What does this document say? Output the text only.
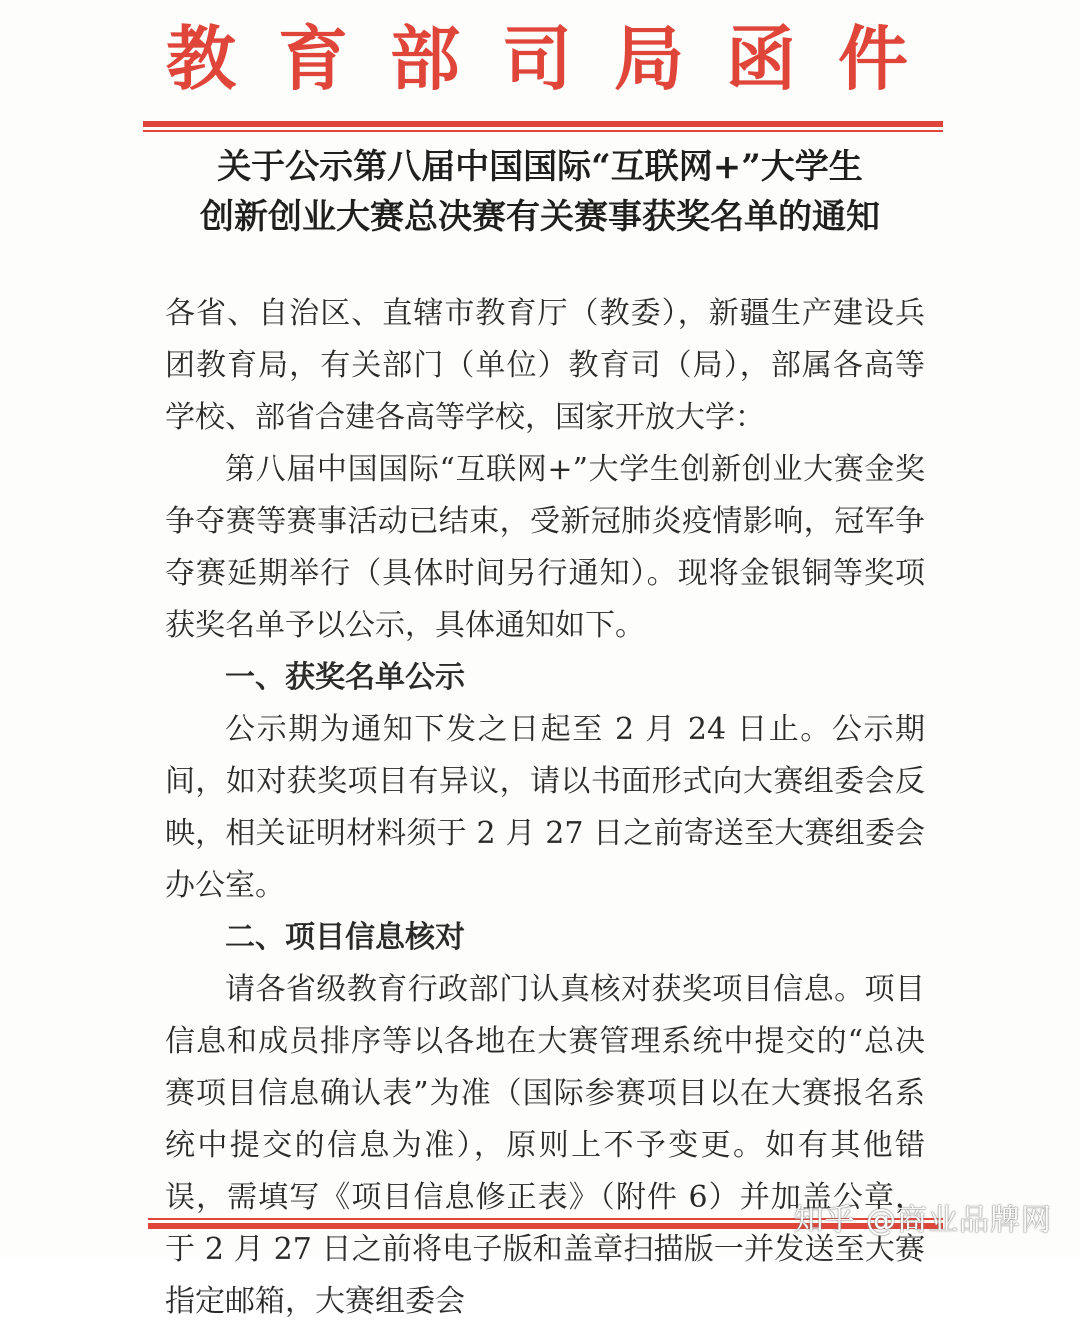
教育部司局函件
关于公示第八届中国国际“互联网+”大学生
创新创业大赛总决赛有关赛事获奖名单的通知

各省、自治区、直辖市教育厅（教委），新疆生产建设兵团教育局，有关部门（单位）教育司（局），部属各高等学校、部省合建各高等学校，国家开放大学：

第八届中国国际“互联网+”大学生创新创业大赛金奖争夺赛等赛事活动已结束，受新冠肺炎疫情影响，冠军争夺赛延期举行（具体时间另行通知）。现将金银铜等奖项获奖名单予以公示，具体通知如下。

一、获奖名单公示

公示期为通知下发之日起至 2 月 24 日止。公示期间，如对获奖项目有异议，请以书面形式向大赛组委会反映，相关证明材料须于 2 月 27 日之前寄送至大赛组委会办公室。

二、项目信息核对

请各省级教育行政部门认真核对获奖项目信息。项目信息和成员排序等以各地在大赛管理系统中提交的“总决赛项目信息确认表”为准（国际参赛项目以在大赛报名系统中提交的信息为准），原则上不予变更。如有其他错误，需填写《项目信息修正表》（附件 6）并加盖公章，于 2 月 27 日之前将电子版和盖章扫描版一并发送至大赛指定邮箱，大赛组委会

知乎 @商业品牌网
